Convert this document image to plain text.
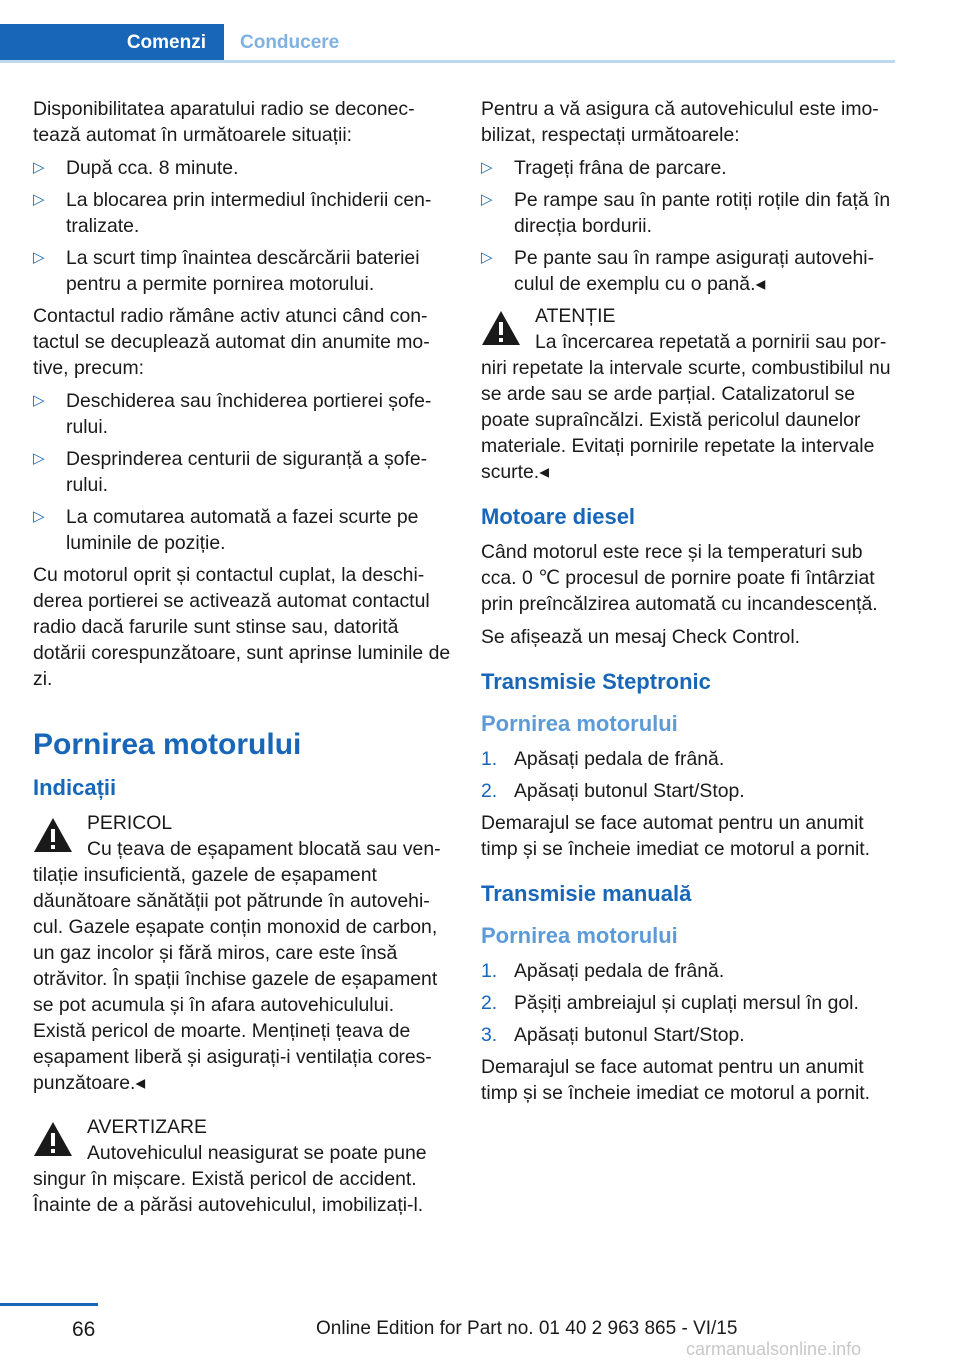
Comenzi	Conducere

Disponibilitatea aparatului radio se deconec‐tează automat în următoarele situații:

▷ După cca. 8 minute.
▷ La blocarea prin intermediul închiderii cen‐tralizate.
▷ La scurt timp înaintea descărcării bateriei pentru a permite pornirea motorului.

Contactul radio rămâne activ atunci când con‐tactul se decuplează automat din anumite mo‐tive, precum:

▷ Deschiderea sau închiderea portierei șofe‐rului.
▷ Desprinderea centurii de siguranță a șofe‐rului.
▷ La comutarea automată a fazei scurte pe luminile de poziție.

Cu motorul oprit și contactul cuplat, la deschi‐derea portierei se activează automat contactul radio dacă farurile sunt stinse sau, datorită dotării corespunzătoare, sunt aprinse luminile de zi.

Pornirea motorului
Indicații
PERICOL
Cu țeava de eșapament blocată sau ven‐tilație insuficientă, gazele de eșapament dăunătoare sănătății pot pătrunde în autovehi‐cul. Gazele eșapate conțin monoxid de carbon, un gaz incolor și fără miros, care este însă otrăvitor. În spații închise gazele de eșapament se pot acumula și în afara autovehiculului. Există pericol de moarte. Mențineți țeava de eșapament liberă și asigurați-i ventilația cores‐punzătoare.◂
AVERTIZARE
Autovehiculul neasigurat se poate pune singur în mișcare. Există pericol de accident. Înainte de a părăsi autovehiculul, imobilizați-l.

Pentru a vă asigura că autovehiculul este imo‐bilizat, respectați următoarele:

▷ Trageți frâna de parcare.
▷ Pe rampe sau în pante rotiți roțile din față în direcția bordurii.
▷ Pe pante sau în rampe asigurați autovehi‐culul de exemplu cu o pană.◂
ATENȚIE
La încercarea repetată a pornirii sau por‐niri repetate la intervale scurte, combustibilul nu se arde sau se arde parțial. Catalizatorul se poate supraîncălzi. Există pericolul daunelor materiale. Evitați pornirile repetate la intervale scurte.◂
Motoare diesel

Când motorul este rece și la temperaturi sub cca. 0 ℃ procesul de pornire poate fi întârziat prin preîncălzirea automată cu incandescență.

Se afișează un mesaj Check Control.

Transmisie Steptronic
Pornirea motorului
1. Apăsați pedala de frână.
2. Apăsați butonul Start/Stop.

Demarajul se face automat pentru un anumit timp și se încheie imediat ce motorul a pornit.

Transmisie manuală
Pornirea motorului
1. Apăsați pedala de frână.
2. Pășiți ambreiajul și cuplați mersul în gol.
3. Apăsați butonul Start/Stop.

Demarajul se face automat pentru un anumit timp și se încheie imediat ce motorul a pornit.

66	Online Edition for Part no. 01 40 2 963 865 - VI/15
carmanualsonline.info
